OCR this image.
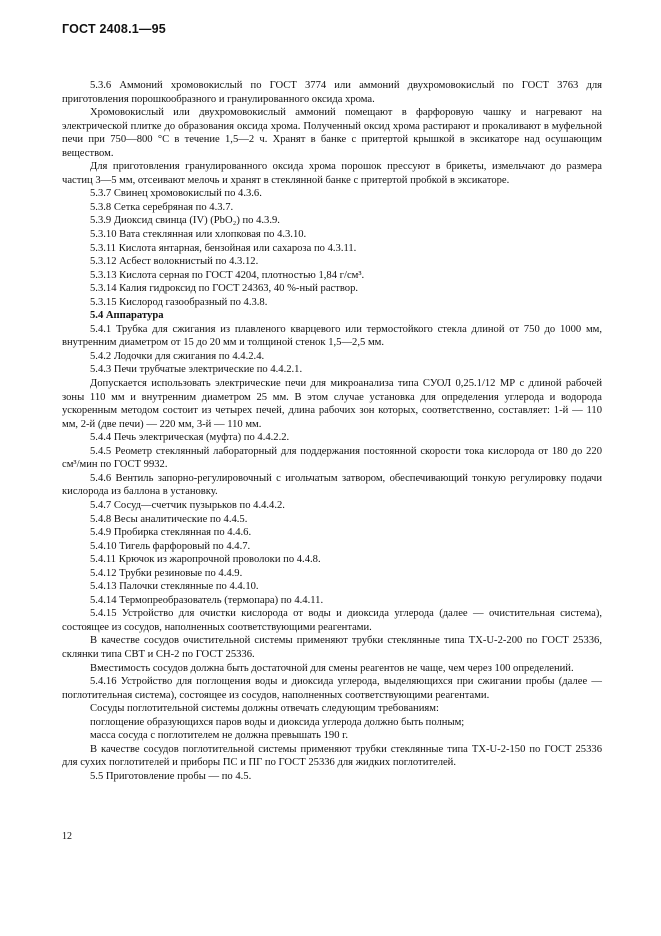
ГОСТ 2408.1—95

5.3.6 Аммоний хромовокислый по ГОСТ 3774 или аммоний двухромовокислый по ГОСТ 3763 для приготовления порошкообразного и гранулированного оксида хрома.

Хромовокислый или двухромовокислый аммоний помещают в фарфоровую чашку и нагревают на электрической плитке до образования оксида хрома. Полученный оксид хрома растирают и прокаливают в муфельной печи при 750—800 °С в течение 1,5—2 ч. Хранят в банке с притертой крышкой в эксикаторе над осушающим веществом.

Для приготовления гранулированного оксида хрома порошок прессуют в брикеты, измельчают до размера частиц 3—5 мм, отсеивают мелочь и хранят в стеклянной банке с притертой пробкой в эксикаторе.

5.3.7 Свинец хромовокислый по 4.3.6.

5.3.8 Сетка серебряная по 4.3.7.

5.3.9 Диоксид свинца (IV) (PbO₂) по 4.3.9.

5.3.10 Вата стеклянная или хлопковая по 4.3.10.

5.3.11 Кислота янтарная, бензойная или сахароза по 4.3.11.

5.3.12 Асбест волокнистый по 4.3.12.

5.3.13 Кислота серная по ГОСТ 4204, плотностью 1,84 г/см³.

5.3.14 Калия гидроксид по ГОСТ 24363, 40 %-ный раствор.

5.3.15 Кислород газообразный по 4.3.8.

5.4 Аппаратура

5.4.1 Трубка для сжигания из плавленого кварцевого или термостойкого стекла длиной от 750 до 1000 мм, внутренним диаметром от 15 до 20 мм и толщиной стенок 1,5—2,5 мм.

5.4.2 Лодочки для сжигания по 4.4.2.4.

5.4.3 Печи трубчатые электрические по 4.4.2.1.

Допускается использовать электрические печи для микроанализа типа СУОЛ 0,25.1/12 МР с длиной рабочей зоны 110 мм и внутренним диаметром 25 мм. В этом случае установка для определения углерода и водорода ускоренным методом состоит из четырех печей, длина рабочих зон которых, соответственно, составляет: 1-й — 110 мм, 2-й (две печи) — 220 мм, 3-й — 110 мм.

5.4.4 Печь электрическая (муфта) по 4.4.2.2.

5.4.5 Реометр стеклянный лабораторный для поддержания постоянной скорости тока кислорода от 180 до 220 см³/мин по ГОСТ 9932.

5.4.6 Вентиль запорно-регулировочный с игольчатым затвором, обеспечивающий тонкую регулировку подачи кислорода из баллона в установку.

5.4.7 Сосуд—счетчик пузырьков по 4.4.4.2.

5.4.8 Весы аналитические по 4.4.5.

5.4.9 Пробирка стеклянная по 4.4.6.

5.4.10 Тигель фарфоровый по 4.4.7.

5.4.11 Крючок из жаропрочной проволоки по 4.4.8.

5.4.12 Трубки резиновые по 4.4.9.

5.4.13 Палочки стеклянные по 4.4.10.

5.4.14 Термопреобразователь (термопара) по 4.4.11.

5.4.15 Устройство для очистки кислорода от воды и диоксида углерода (далее — очистительная система), состоящее из сосудов, наполненных соответствующими реагентами.

В качестве сосудов очистительной системы применяют трубки стеклянные типа ТХ-U-2-200 по ГОСТ 25336, склянки типа СВТ и СН-2 по ГОСТ 25336.

Вместимость сосудов должна быть достаточной для смены реагентов не чаще, чем через 100 определений.

5.4.16 Устройство для поглощения воды и диоксида углерода, выделяющихся при сжигании пробы (далее — поглотительная система), состоящее из сосудов, наполненных соответствующими реагентами.

Сосуды поглотительной системы должны отвечать следующим требованиям:

поглощение образующихся паров воды и диоксида углерода должно быть полным;

масса сосуда с поглотителем не должна превышать 190 г.

В качестве сосудов поглотительной системы применяют трубки стеклянные типа ТХ-U-2-150 по ГОСТ 25336 для сухих поглотителей и приборы ПС и ПГ по ГОСТ 25336 для жидких поглотителей.

5.5 Приготовление пробы — по 4.5.

12
